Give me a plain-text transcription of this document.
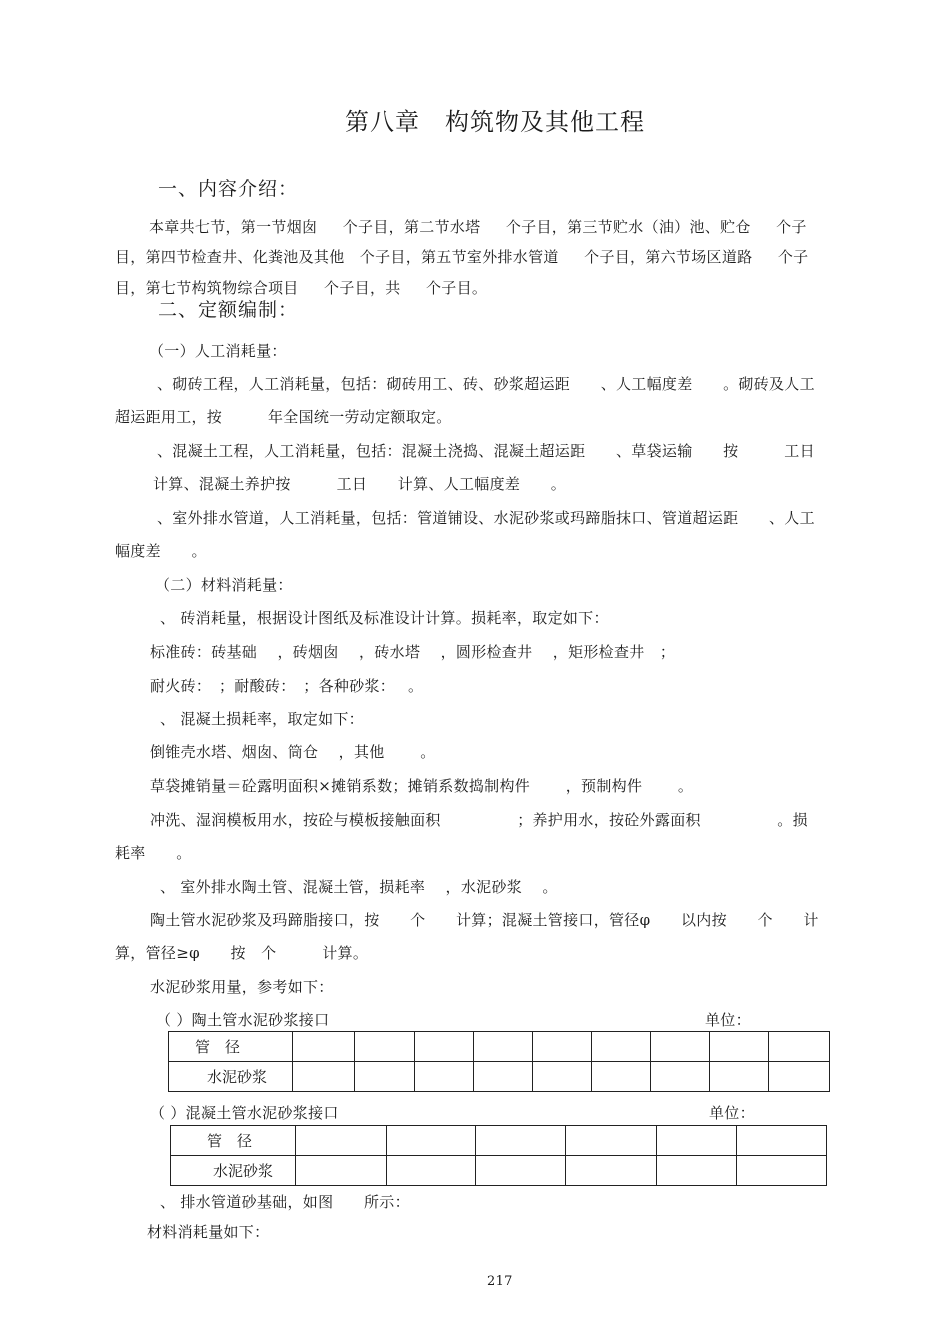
第八章　构筑物及其他工程
一、内容介绍：
本章共七节，第一节烟囱　  个子目，第二节水塔　  个子目，第三节贮水（油）池、贮仓　  个子
目，第四节检查井、化粪池及其他　个子目，第五节室外排水管道　  个子目，第六节场区道路　  个子
目，第七节构筑物综合项目　  个子目，共　  个子目。
二、定额编制：
（一）人工消耗量：
、砌砖工程，人工消耗量，包括：砌砖用工、砖、砂浆超运距　　、人工幅度差　　。砌砖及人工
超运距用工，按　　　年全国统一劳动定额取定。
、混凝土工程，人工消耗量，包括：混凝土浇捣、混凝土超运距　　、草袋运输　　按　　　工日
计算、混凝土养护按　　　工日　　计算、人工幅度差　　。
、室外排水管道，人工消耗量，包括：管道铺设、水泥砂浆或玛蹄脂抹口、管道超运距　　、人工
幅度差　　。
（二）材料消耗量：
、 砖消耗量，根据设计图纸及标准设计计算。损耗率，取定如下：
标准砖：砖基础　 ，砖烟囱　 ，砖水塔　 ，圆形检查井　 ，矩形检查井　；
耐火砖：　；耐酸砖：　；各种砂浆：　 。
、 混凝土损耗率，取定如下：
倒锥壳水塔、烟囱、筒仓　 ，其他　　 。
草袋摊销量＝砼露明面积×摊销系数；摊销系数捣制构件　　 ，预制构件　　 。
冲洗、湿润模板用水，按砼与模板接触面积　　　　　；养护用水，按砼外露面积　　　　　。损
耗率　　。
、 室外排水陶土管、混凝土管，损耗率　 ，水泥砂浆　 。
陶土管水泥砂浆及玛蹄脂接口，按　　个　　计算；混凝土管接口，管径φ　　以内按　　个　　计
算，管径≥φ　　按　个　　　计算。
水泥砂浆用量，参考如下：
（ ）陶土管水泥砂浆接口	单位：
管　径									
水泥砂浆									
（ ）混凝土管水泥砂浆接口	单位：
管　径						
水泥砂浆						
、 排水管道砂基础，如图　　所示：
材料消耗量如下：
217
